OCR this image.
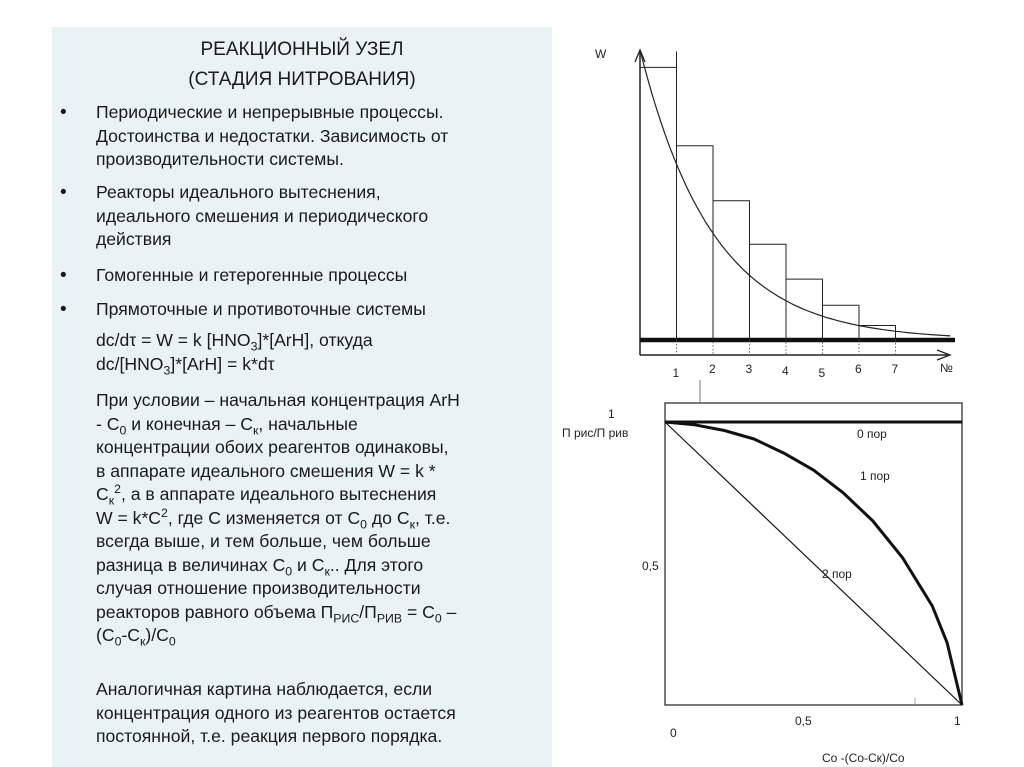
РЕАКЦИОННЫЙ УЗЕЛ
(СТАДИЯ НИТРОВАНИЯ)
• Периодические и непрерывные процессы.
Достоинства и недостатки. Зависимость от
производительности системы.
• Реакторы идеального вытеснения,
идеального смешения и периодического
действия
• Гомогенные и гетерогенные процессы
• Прямоточные и противоточные системы
dc/dτ = W = k $[HNO_3]*[ArH]$, откуда
$dc/[HNO_3]*[ArH] = k*d\tau$
При условии – начальная концентрация ArH
- $С_0$ и конечная – $С_к$, начальные
концентрации обоих реагентов одинаковы,
в аппарате идеального смешения W = k *
$С_к^2$, а в аппарате идеального вытеснения
$W = k*C^2$, где С изменяется от $С_0$ до $С_к$, т.е.
всегда выше, и тем больше, чем больше
разница в величинах $С_0$ и $С_к$.. Для этого
случая отношение производительности
реакторов равного объема $П_{РИС}/П_{РИВ} = С_0$ –
$(С_0-С_к)/С_0$
Аналогичная картина наблюдается, если
концентрация одного из реагентов остается
постоянной, т.е. реакция первого порядка.
W
№
1 2 3 4 5 6 7
1
П рис/П рив
0,5
0
0,5	1
Co -(Co-Cк)/Co
0 пор
1 пор
2 пор
